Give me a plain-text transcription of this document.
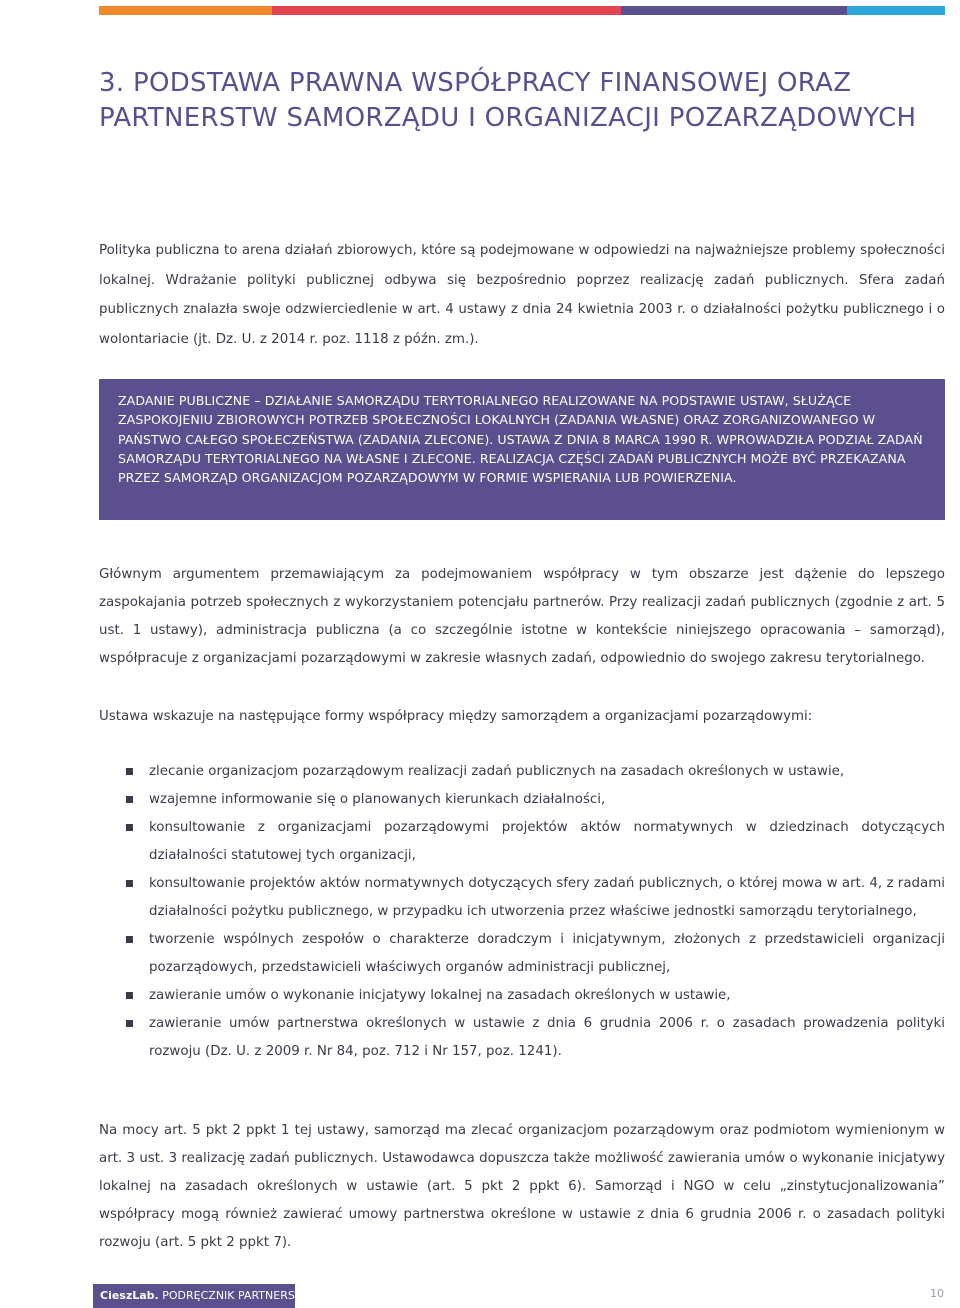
3. PODSTAWA PRAWNA WSPÓŁPRACY FINANSOWEJ ORAZ PARTNERSTW SAMORZĄDU I ORGANIZACJI POZARZĄDOWYCH

Polityka publiczna to arena działań zbiorowych, które są podejmowane w odpowiedzi na najważniejsze problemy społeczności lokalnej. Wdrażanie polityki publicznej odbywa się bezpośrednio poprzez realizację zadań publicznych. Sfera zadań publicznych znalazła swoje odzwierciedlenie w art. 4 ustawy z dnia 24 kwietnia 2003 r. o działalności pożytku publicznego i o wolontariacie (jt. Dz. U. z 2014 r. poz. 1118 z późn. zm.).

ZADANIE PUBLICZNE – DZIAŁANIE SAMORZĄDU TERYTORIALNEGO REALIZOWANE NA PODSTAWIE USTAW, SŁUŻĄCE ZASPOKOJENIU ZBIOROWYCH POTRZEB SPOŁECZNOŚCI LOKALNYCH (ZADANIA WŁASNE) ORAZ ZORGANIZOWANEGO W PAŃSTWO CAŁEGO SPOŁECZEŃSTWA (ZADANIA ZLECONE). USTAWA Z DNIA 8 MARCA 1990 R. WPROWADZIŁA PODZIAŁ ZADAŃ SAMORZĄDU TERYTORIALNEGO NA WŁASNE I ZLECONE. REALIZACJA CZĘŚCI ZADAŃ PUBLICZNYCH MOŻE BYĆ PRZEKAZANA PRZEZ SAMORZĄD ORGANIZACJOM POZARZĄDOWYM W FORMIE WSPIERANIA LUB POWIERZENIA.

Głównym argumentem przemawiającym za podejmowaniem współpracy w tym obszarze jest dążenie do lepszego zaspokajania potrzeb społecznych z wykorzystaniem potencjału partnerów. Przy realizacji zadań publicznych (zgodnie z art. 5 ust. 1 ustawy), administracja publiczna (a co szczególnie istotne w kontekście niniejszego opracowania – samorząd), współpracuje z organizacjami pozarządowymi w zakresie własnych zadań, odpowiednio do swojego zakresu terytorialnego.

Ustawa wskazuje na następujące formy współpracy między samorządem a organizacjami pozarządowymi:

zlecanie organizacjom pozarządowym realizacji zadań publicznych na zasadach określonych w ustawie,
wzajemne informowanie się o planowanych kierunkach działalności,
konsultowanie z organizacjami pozarządowymi projektów aktów normatywnych w dziedzinach dotyczących działalności statutowej tych organizacji,
konsultowanie projektów aktów normatywnych dotyczących sfery zadań publicznych, o której mowa w art. 4, z radami działalności pożytku publicznego, w przypadku ich utworzenia przez właściwe jednostki samorządu terytorialnego,
tworzenie wspólnych zespołów o charakterze doradczym i inicjatywnym, złożonych z przedstawicieli organizacji pozarządowych, przedstawicieli właściwych organów administracji publicznej,
zawieranie umów o wykonanie inicjatywy lokalnej na zasadach określonych w ustawie,
zawieranie umów partnerstwa określonych w ustawie z dnia 6 grudnia 2006 r. o zasadach prowadzenia polityki rozwoju (Dz. U. z 2009 r. Nr 84, poz. 712 i Nr 157, poz. 1241).

Na mocy art. 5 pkt 2 ppkt 1 tej ustawy, samorząd ma zlecać organizacjom pozarządowym oraz podmiotom wymienionym w art. 3 ust. 3 realizację zadań publicznych. Ustawodawca dopuszcza także możliwość zawierania umów o wykonanie inicjatywy lokalnej na zasadach określonych w ustawie (art. 5 pkt 2 ppkt 6). Samorząd i NGO w celu „zinstytucjonalizowania” współpracy mogą również zawierać umowy partnerstwa określone w ustawie z dnia 6 grudnia 2006 r. o zasadach polityki rozwoju (art. 5 pkt 2 ppkt 7).

CieszLab. PODRĘCZNIK PARTNERSTWA	10
